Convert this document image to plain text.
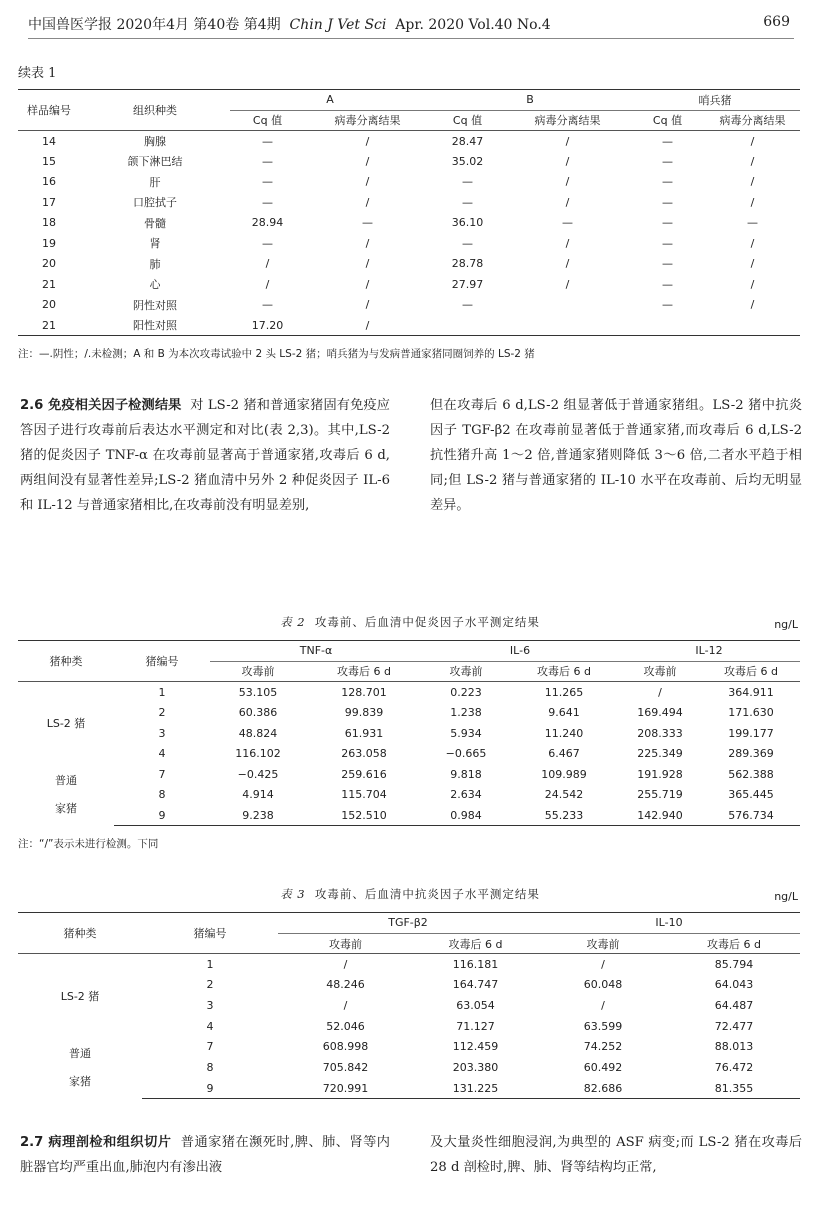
中国兽医学报 2020年4月 第40卷 第4期 Chin J Vet Sci Apr. 2020 Vol.40 No.4	669
续表 1
样品编号	组织种类	A		B		哨兵猪	
		Cq 值	病毒分离结果	Cq 值	病毒分离结果	Cq 值	病毒分离结果
14	胸腺	—	/	28.47	/	—	/
15	颌下淋巴结	—	/	35.02	/	—	/
16	肝	—	/	—	/	—	/
17	口腔拭子	—	/	—	/	—	/
18	骨髓	28.94	—	36.10	—	—	—
19	肾	—	/	—	/	—	/
20	肺	/	/	28.78	/	—	/
21	心	/	/	27.97	/	—	/
20	阴性对照	—	/	—		—	/
21	阳性对照	17.20	/				
注：—.阴性；/.未检测；A 和 B 为本次攻毒试验中 2 头 LS-2 猪；哨兵猪为与发病普通家猪同圈饲养的 LS-2 猪
2.6 免疫相关因子检测结果 对 LS-2 猪和普通家猪固有免疫应答因子进行攻毒前后表达水平测定和对比(表 2,3)。其中,LS-2 猪的促炎因子 TNF-α 在攻毒前显著高于普通家猪,攻毒后 6 d,两组间没有显著性差异;LS-2 猪血清中另外 2 种促炎因子 IL-6 和 IL-12 与普通家猪相比,在攻毒前没有明显差别,
但在攻毒后 6 d,LS-2 组显著低于普通家猪组。LS-2 猪中抗炎因子 TGF-β2 在攻毒前显著低于普通家猪,而攻毒后 6 d,LS-2 抗性猪升高 1～2 倍,普通家猪则降低 3～6 倍,二者水平趋于相同;但 LS-2 猪与普通家猪的 IL-10 水平在攻毒前、后均无明显差异。
表 2 攻毒前、后血清中促炎因子水平测定结果	ng/L
猪种类	猪编号	TNF-α		IL-6		IL-12	
		攻毒前	攻毒后 6 d	攻毒前	攻毒后 6 d	攻毒前	攻毒后 6 d
LS-2 猪	1	53.105	128.701	0.223	11.265	/	364.911
	2	60.386	99.839	1.238	9.641	169.494	171.630
	3	48.824	61.931	5.934	11.240	208.333	199.177
	4	116.102	263.058	−0.665	6.467	225.349	289.369

普通
家猪	7	−0.425	259.616	9.818	109.989	191.928	562.388
	8	4.914	115.704	2.634	24.542	255.719	365.445
	9	9.238	152.510	0.984	55.233	142.940	576.734
注：“/”表示未进行检测。下同
表 3 攻毒前、后血清中抗炎因子水平测定结果	ng/L
猪种类	猪编号	TGF-β2		IL-10	
		攻毒前	攻毒后 6 d	攻毒前	攻毒后 6 d
LS-2 猪	1	/	116.181	/	85.794
	2	48.246	164.747	60.048	64.043
	3	/	63.054	/	64.487
	4	52.046	71.127	63.599	72.477

普通
家猪	7	608.998	112.459	74.252	88.013
	8	705.842	203.380	60.492	76.472
	9	720.991	131.225	82.686	81.355
2.7 病理剖检和组织切片 普通家猪在濒死时,脾、肺、肾等内脏器官均严重出血,肺泡内有渗出液
及大量炎性细胞浸润,为典型的 ASF 病变;而 LS-2 猪在攻毒后 28 d 剖检时,脾、肺、肾等结构均正常,
